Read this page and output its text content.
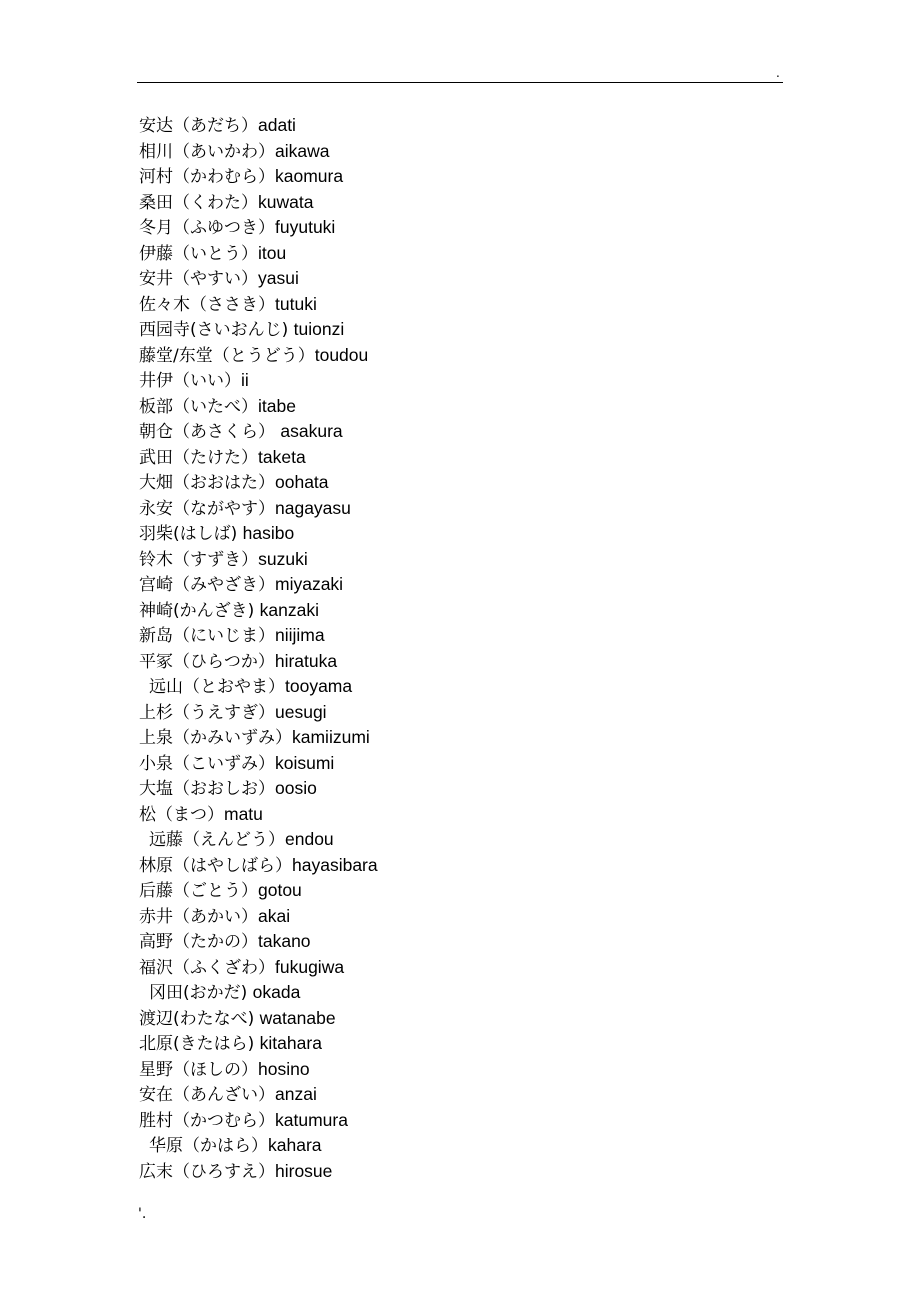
.
安达（あだち）adati
相川（あいかわ）aikawa
河村（かわむら）kaomura
桑田（くわた）kuwata
冬月（ふゆつき）fuyutuki
伊藤（いとう）itou
安井（やすい）yasui
佐々木（ささき）tutuki
西园寺(さいおんじ) tuionzi
藤堂/东堂（とうどう）toudou
井伊（いい）ii
板部（いたべ）itabe
朝仓（あさくら） asakura
武田（たけた）taketa
大畑（おおはた）oohata
永安（ながやす）nagayasu
羽柴(はしば) hasibo
铃木（すずき）suzuki
宫崎（みやざき）miyazaki
神崎(かんざき) kanzaki
新岛（にいじま）niijima
平冢（ひらつか）hiratuka
远山（とおやま）tooyama
上杉（うえすぎ）uesugi
上泉（かみいずみ）kamiizumi
小泉（こいずみ）koisumi
大塩（おおしお）oosio
松（まつ）matu
远藤（えんどう）endou
林原（はやしばら）hayasibara
后藤（ごとう）gotou
赤井（あかい）akai
高野（たかの）takano
福沢（ふくざわ）fukugiwa
冈田(おかだ) okada
渡辺(わたなべ) watanabe
北原(きたはら) kitahara
星野（ほしの）hosino
安在（あんざい）anzai
胜村（かつむら）katumura
华原（かはら）kahara
広末（ひろすえ）hirosue
'.
